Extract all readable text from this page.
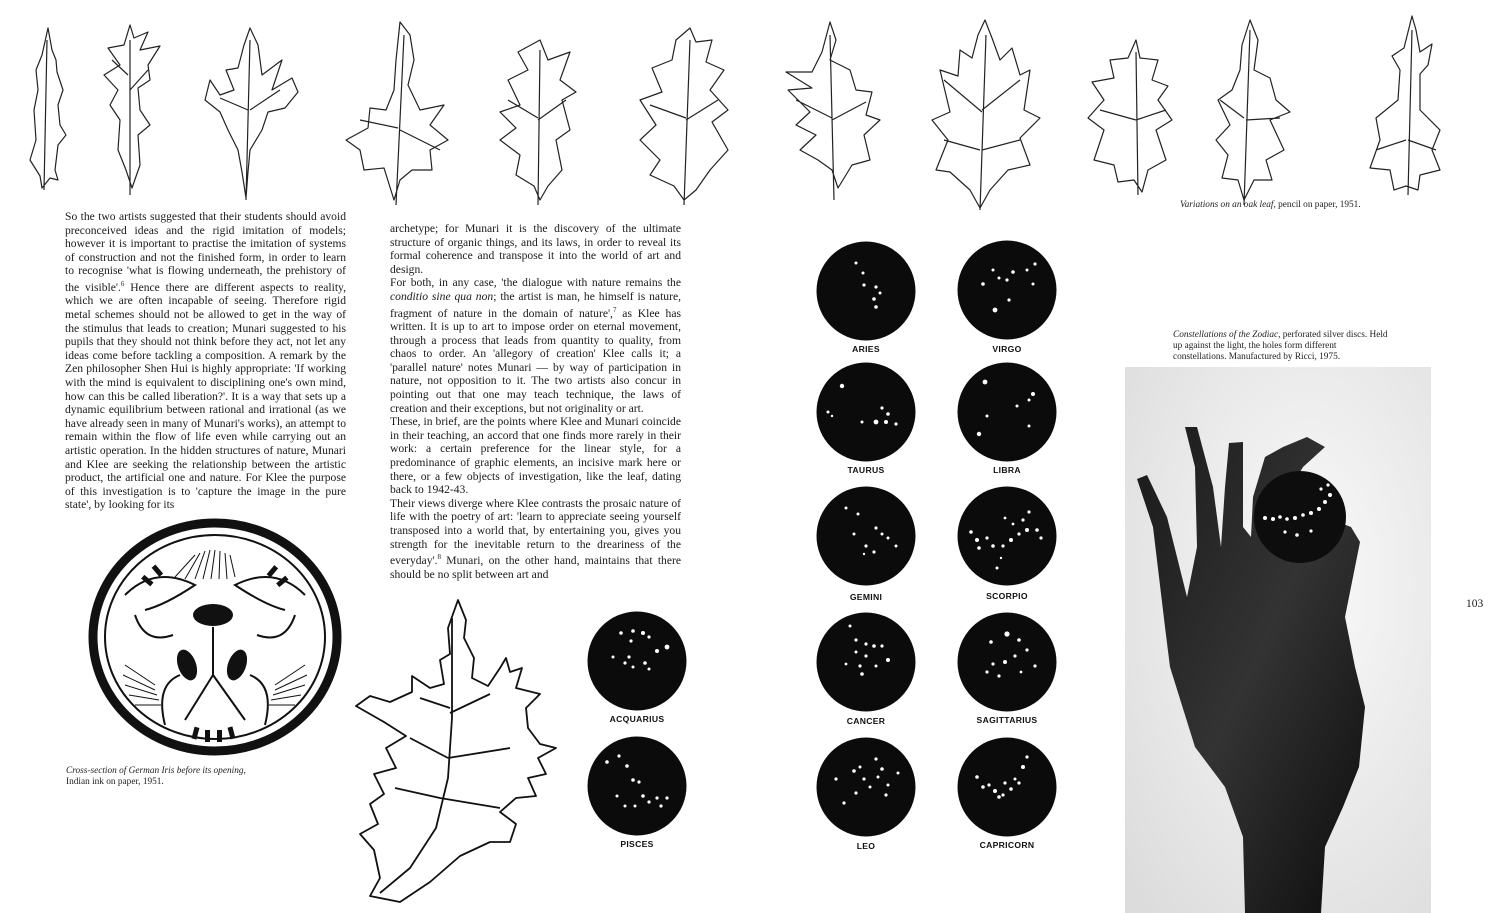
Variations on an oak leaf, pencil on paper, 1951.

So the two artists suggested that their students should avoid preconceived ideas and the rigid imitation of models; however it is important to practise the imitation of systems of construction and not the finished form, in order to learn to recognise 'what is flowing underneath, the prehistory of the visible'.$^6$ Hence there are different aspects to reality, which we are often incapable of seeing. Therefore rigid metal schemes should not be allowed to get in the way of the stimulus that leads to creation; Munari suggested to his pupils that they should not think before they act, not let any ideas come before tackling a composition. A remark by the Zen philosopher Shen Hui is highly appropriate: 'If working with the mind is equivalent to disciplining one's own mind, how can this be called liberation?'. It is a way that sets up a dynamic equilibrium between rational and irrational (as we have already seen in many of Munari's works), an attempt to remain within the flow of life even while carrying out an artistic operation. In the hidden structures of nature, Munari and Klee are seeking the relationship between the artistic product, the artificial one and nature. For Klee the purpose of this investigation is to 'capture the image in the pure state', by looking for its

archetype; for Munari it is the discovery of the ultimate structure of organic things, and its laws, in order to reveal its formal coherence and transpose it into the world of art and design.

For both, in any case, 'the dialogue with nature remains the conditio sine qua non; the artist is man, he himself is nature, fragment of nature in the domain of nature',$^7$ as Klee has written. It is up to art to impose order on eternal movement, through a process that leads from quantity to quality, from chaos to order. An 'allegory of creation' Klee calls it; a 'parallel nature' notes Munari — by way of participation in nature, not opposition to it. The two artists also concur in pointing out that one may teach technique, the laws of creation and their exceptions, but not originality or art.

These, in brief, are the points where Klee and Munari coincide in their teaching, an accord that one finds more rarely in their work: a certain preference for the linear style, for a predominance of graphic elements, an incisive mark here or there, or a few objects of investigation, like the leaf, dating back to 1942-43.

Their views diverge where Klee contrasts the prosaic nature of life with the poetry of art: 'learn to appreciate seeing yourself transposed into a world that, by entertaining you, gives you strength for the inevitable return to the dreariness of the everyday'.$^8$ Munari, on the other hand, maintains that there should be no split between art and

Cross-section of German Iris before its opening,
Indian ink on paper, 1951.
ARIES	VIRGO
TAURUS	LIBRA
GEMINI	SCORPIO
CANCER	SAGITTARIUS
LEO	CAPRICORN
ACQUARIUS
PISCES
Constellations of the Zodiac, perforated silver discs. Held
up against the light, the holes form different
constellations. Manufactured by Ricci, 1975.
103
